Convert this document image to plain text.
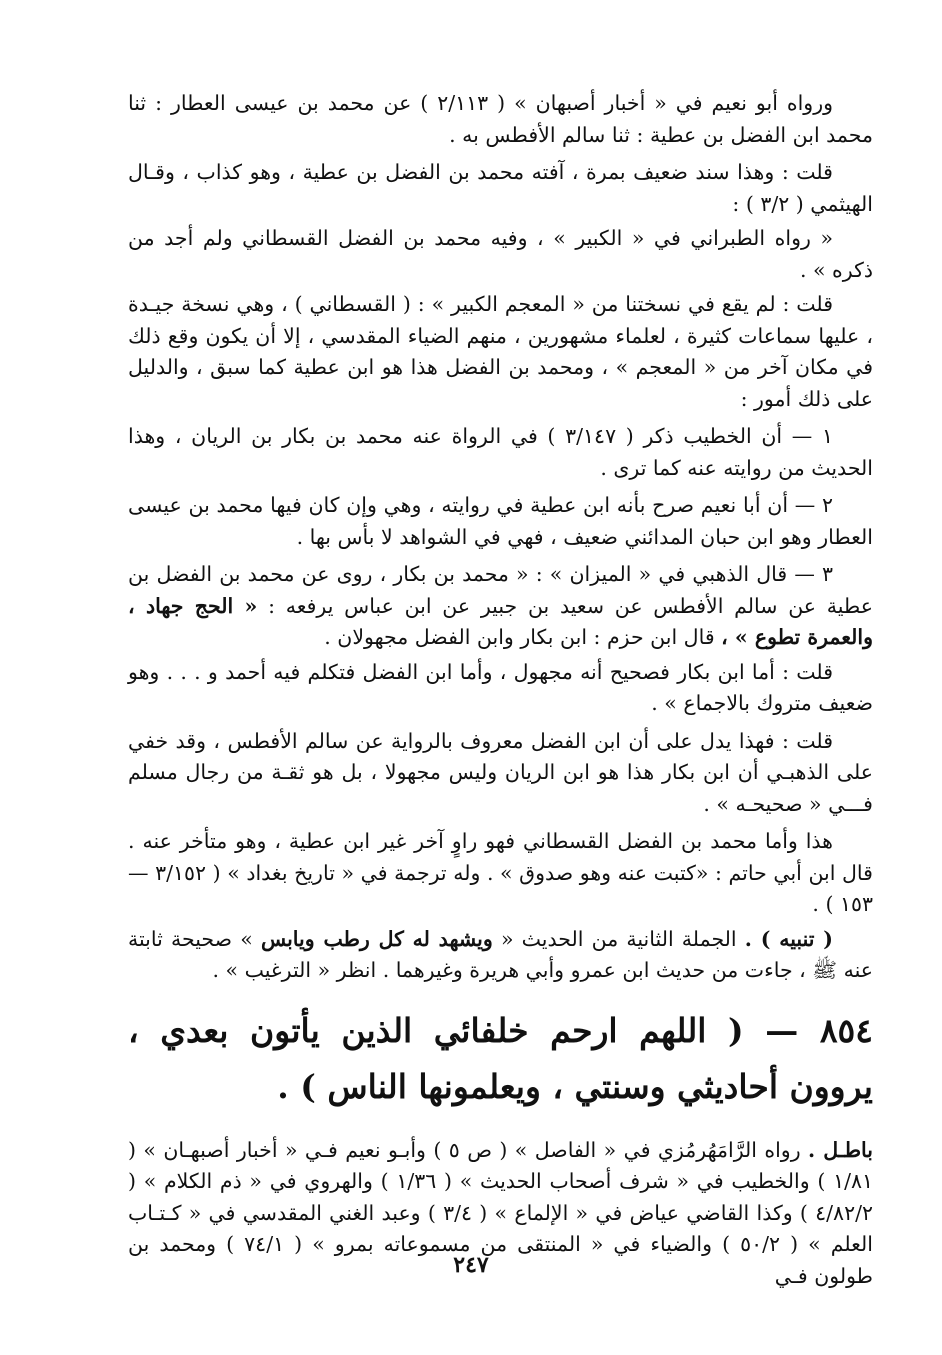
ورواه أبو نعيم في « أخبار أصبهان » ( ٢/١١٣ ) عن محمد بن عيسى العطار : ثنا محمد ابن الفضل بن عطية : ثنا سالم الأفطس به .

قلت : وهذا سند ضعيف بمرة ، آفته محمد بن الفضل بن عطية ، وهو كذاب ، وقـال الهيثمي ( ٣/٢ ) :

« رواه الطبراني في « الكبير » ، وفيه محمد بن الفضل القسطاني ولم أجد من ذكره » .

قلت : لم يقع في نسختنا من « المعجم الكبير » : ( القسطاني ) ، وهي نسخة جيـدة ، عليها سماعات كثيرة ، لعلماء مشهورين ، منهم الضياء المقدسي ، إلا أن يكون وقع ذلك في مكان آخر من « المعجم » ، ومحمد بن الفضل هذا هو ابن عطية كما سبق ، والدليل على ذلك أمور :

١ — أن الخطيب ذكر ( ٣/١٤٧ ) في الرواة عنه محمد بن بكار بن الريان ، وهذا الحديث من روايته عنه كما ترى .

٢ — أن أبا نعيم صرح بأنه ابن عطية في روايته ، وهي وإن كان فيها محمد بن عيسى العطار وهو ابن حبان المدائني ضعيف ، فهي في الشواهد لا بأس بها .

٣ — قال الذهبي في « الميزان » : « محمد بن بكار ، روى عن محمد بن الفضل بن عطية عن سالم الأفطس عن سعيد بن جبير عن ابن عباس يرفعه : « الحج جهاد ، والعمرة تطوع » ، قال ابن حزم : ابن بكار وابن الفضل مجهولان .

قلت : أما ابن بكار فصحيح أنه مجهول ، وأما ابن الفضل فتكلم فيه أحمد و . . . وهو ضعيف متروك بالاجماع » .

قلت : فهذا يدل على أن ابن الفضل معروف بالرواية عن سالم الأفطس ، وقد خفي على الذهبـي أن ابن بكار هذا هو ابن الريان وليس مجهولا ، بل هو ثقـة من رجال مسلم فـــي « صحيحـه » .

هذا وأما محمد بن الفضل القسطاني فهو راوٍ آخر غير ابن عطية ، وهو متأخر عنه . قال ابن أبي حاتم : «كتبت عنه وهو صدوق » . وله ترجمة في « تاريخ بغداد » ( ٣/١٥٢ — ١٥٣ ) .

( تنبيه ) . الجملة الثانية من الحديث « ويشهد له كل رطب ويابس » صحيحة ثابتة عنه ﷺ ، جاءت من حديث ابن عمرو وأبي هريرة وغيرهما . انظر « الترغيب » .

٨٥٤ — ( اللهم ارحم خلفائي الذين يأتون بعدي ، يروون أحاديثي وسنتي ، ويعلمونها الناس ) .

باطـل . رواه الرَّامَهُرمُزي في « الفاصل » ( ص ٥ ) وأبـو نعيم فـي « أخبار أصبهـان » ( ١/٨١ ) والخطيب في « شرف أصحاب الحديث » ( ١/٣٦ ) والهروي في « ذم الكلام » ( ٤/٨٢/٢ ) وكذا القاضي عياض في « الإلماع » ( ٣/٤ ) وعبد الغني المقدسي في « كـتـاب العلم » ( ٥٠/٢ ) والضياء في « المنتقى من مسموعاته بمرو » ( ٧٤/١ ) ومحمد بن طولون فـي

٢٤٧
